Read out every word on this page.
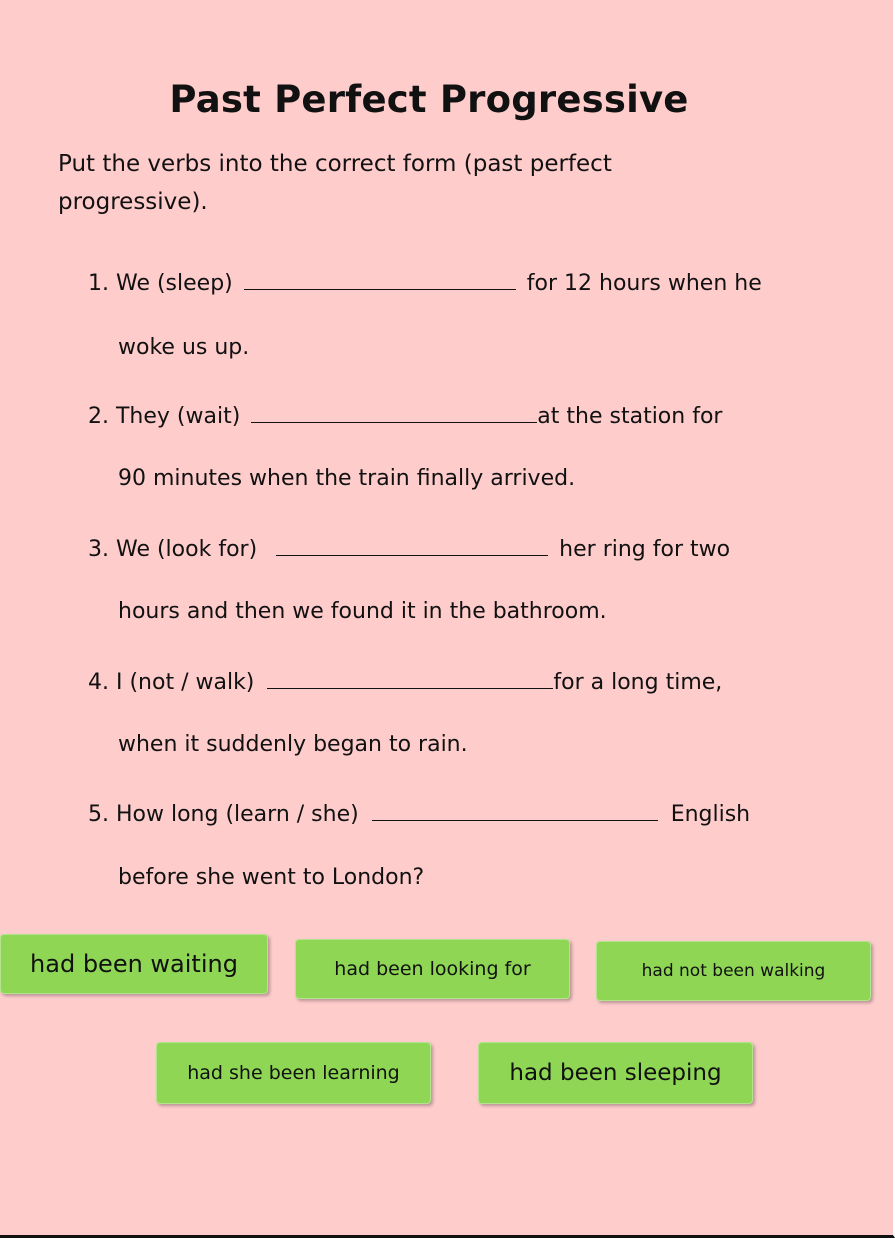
Past Perfect Progressive
Put the verbs into the correct form (past perfect progressive).
1. We (sleep)	for 12 hours when he
woke us up.
2. They (wait)	at the station for
90 minutes when the train finally arrived.
3. We (look for)	her ring for two
hours and then we found it in the bathroom.
4. I (not / walk)	for a long time,
when it suddenly began to rain.
5. How long (learn / she)	English
before she went to London?
had been waiting	had been looking for	had not been walking
had she been learning	had been sleeping
